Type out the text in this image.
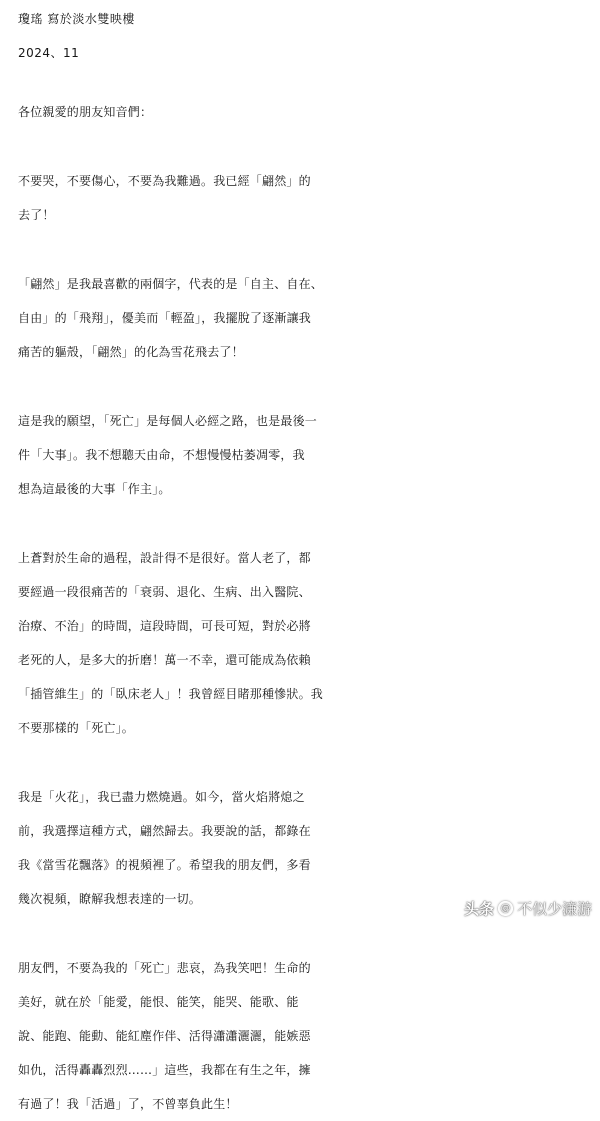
瓊瑤 寫於淡水雙映樓
2024、11
各位親愛的朋友知音們：
不要哭，不要傷心，不要為我難過。我已經「翩然」的
去了！
「翩然」是我最喜歡的兩個字，代表的是「自主、自在、
自由」的「飛翔」，優美而「輕盈」，我擺脫了逐漸讓我
痛苦的軀殼，「翩然」的化為雪花飛去了！
這是我的願望，「死亡」是每個人必經之路，也是最後一
件「大事」。我不想聽天由命，不想慢慢枯萎凋零，我
想為這最後的大事「作主」。
上蒼對於生命的過程，設計得不是很好。當人老了，都
要經過一段很痛苦的「衰弱、退化、生病、出入醫院、
治療、不治」的時間，這段時間，可長可短，對於必將
老死的人，是多大的折磨！萬一不幸，還可能成為依賴
「插管維生」的「臥床老人」！我曾經目睹那種慘狀。我
不要那樣的「死亡」。
我是「火花」，我已盡力燃燒過。如今，當火焰將熄之
前，我選擇這種方式，翩然歸去。我要說的話，都錄在
我《當雪花飄落》的視頻裡了。希望我的朋友們，多看
幾次視頻，瞭解我想表達的一切。
朋友們，不要為我的「死亡」悲哀，為我笑吧！生命的
美好，就在於「能愛，能恨、能笑，能哭、能歌、能
說、能跑、能動、能紅塵作伴、活得瀟瀟灑灑，能嫉惡
如仇，活得轟轟烈烈……」這些，我都在有生之年，擁
有過了！我「活過」了，不曾辜負此生！
头条 @ 不似少濂游
